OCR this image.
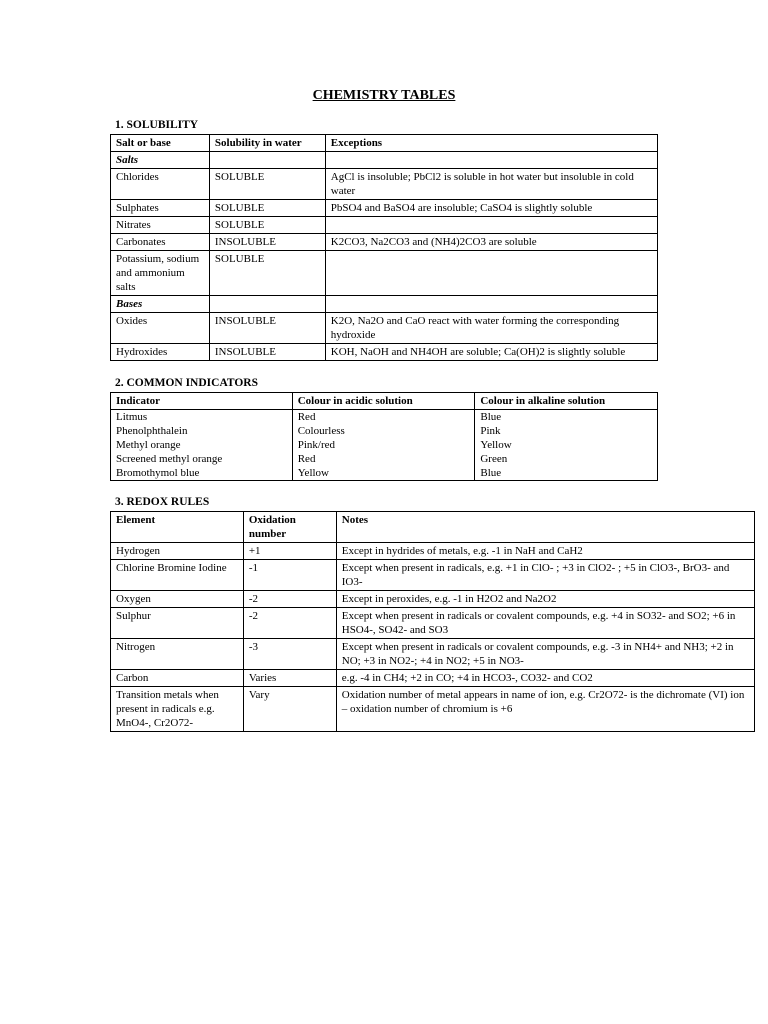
CHEMISTRY TABLES
1. SOLUBILITY
Salt or base	Solubility in water	Exceptions
Salts		
Chlorides	SOLUBLE	AgCl is insoluble; PbCl2 is soluble in hot water but insoluble in cold water
Sulphates	SOLUBLE	PbSO4 and BaSO4 are insoluble; CaSO4 is slightly soluble
Nitrates	SOLUBLE	
Carbonates	INSOLUBLE	K2CO3, Na2CO3 and (NH4)2CO3 are soluble
Potassium, sodium and ammonium salts	SOLUBLE	
Bases		
Oxides	INSOLUBLE	K2O, Na2O and CaO react with water forming the corresponding hydroxide
Hydroxides	INSOLUBLE	KOH, NaOH and NH4OH are soluble; Ca(OH)2 is slightly soluble
2. COMMON INDICATORS
Indicator	Colour in acidic solution	Colour in alkaline solution
Litmus	Red	Blue
Phenolphthalein	Colourless	Pink
Methyl orange	Pink/red	Yellow
Screened methyl orange	Red	Green
Bromothymol blue	Yellow	Blue
3. REDOX RULES
Element	Oxidation number	Notes
Hydrogen	+1	Except in hydrides of metals, e.g. -1 in NaH and CaH2
Chlorine Bromine Iodine	-1	Except when present in radicals, e.g. +1 in ClO- ; +3 in ClO2- ; +5 in ClO3-, BrO3- and IO3-
Oxygen	-2	Except in peroxides, e.g. -1 in H2O2 and Na2O2
Sulphur	-2	Except when present in radicals or covalent compounds, e.g. +4 in SO32- and SO2; +6 in HSO4-, SO42- and SO3
Nitrogen	-3	Except when present in radicals or covalent compounds, e.g. -3 in NH4+ and NH3; +2 in NO; +3 in NO2-; +4 in NO2; +5 in NO3-
Carbon	Varies	e.g. -4 in CH4; +2 in CO; +4 in HCO3-, CO32- and CO2
Transition metals when present in radicals e.g. MnO4-, Cr2O72-	Vary	Oxidation number of metal appears in name of ion, e.g. Cr2O72- is the dichromate (VI) ion – oxidation number of chromium is +6
